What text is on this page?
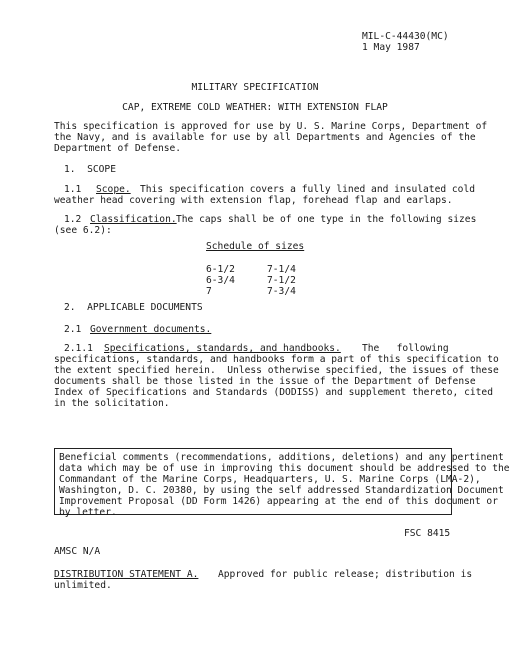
MIL-C-44430(MC)
1 May 1987
MILITARY SPECIFICATION
CAP, EXTREME COLD WEATHER: WITH EXTENSION FLAP
This specification is approved for use by U. S. Marine Corps, Department of
the Navy, and is available for use by all Departments and Agencies of the
Department of Defense.
1.  SCOPE
1.1 Scope. This specification covers a fully lined and insulated cold
weather head covering with extension flap, forehead flap and earlaps.
1.2 Classification. The caps shall be of one type in the following sizes
(see 6.2):
Schedule of sizes
6-1/2
6-3/4
7
7-1/4
7-1/2
7-3/4
2.  APPLICABLE DOCUMENTS
2.1 Government documents.
2.1.1 Specifications, standards, and handbooks. The   following
specifications, standards, and handbooks form a part of this specification to
the extent specified herein.  Unless otherwise specified, the issues of these
documents shall be those listed in the issue of the Department of Defense
Index of Specifications and Standards (DODISS) and supplement thereto, cited
in the solicitation.
Beneficial comments (recommendations, additions, deletions) and any pertinent
data which may be of use in improving this document should be addressed to the
Commandant of the Marine Corps, Headquarters, U. S. Marine Corps (LMA-2),
Washington, D. C. 20380, by using the self addressed Standardization Document
Improvement Proposal (DD Form 1426) appearing at the end of this document or
by letter.
FSC 8415
AMSC N/A
DISTRIBUTION STATEMENT A. Approved for public release; distribution is
unlimited.
